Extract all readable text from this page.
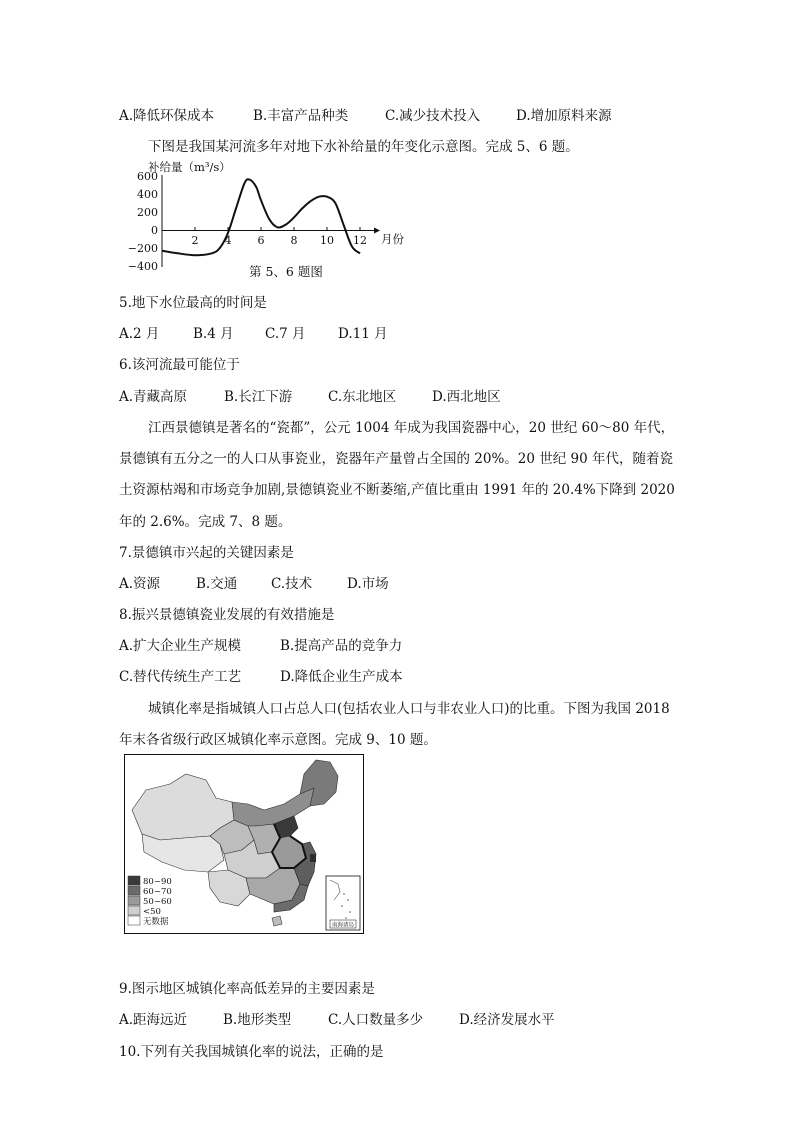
A.降低环保成本	B.丰富产品种类	C.减少技术投入	D.增加原料来源
下图是我国某河流多年对地下水补给量的年变化示意图。完成 5、6 题。
补给量（m³/s）
600
400
200
0
−200
−400
2 4 6 8 10 12 月份
第 5、6 题图
5.地下水位最高的时间是
A.2 月 B.4 月 C.7 月 D.11 月
6.该河流最可能位于
A.青藏高原	B.长江下游	C.东北地区	D.西北地区
江西景德镇是著名的“瓷都”，公元 1004 年成为我国瓷器中心，20 世纪 60～80 年代，
景德镇有五分之一的人口从事瓷业，瓷器年产量曾占全国的 20%。20 世纪 90 年代，随着瓷
土资源枯竭和市场竞争加剧,景德镇瓷业不断萎缩,产值比重由 1991 年的 20.4%下降到 2020
年的 2.6%。完成 7、8 题。
7.景德镇市兴起的关键因素是
A.资源	B.交通	C.技术	D.市场
8.振兴景德镇瓷业发展的有效措施是
A.扩大企业生产规模	B.提高产品的竞争力
C.替代传统生产工艺	D.降低企业生产成本
城镇化率是指城镇人口占总人口(包括农业人口与非农业人口)的比重。下图为我国 2018
年末各省级行政区城镇化率示意图。完成 9、10 题。
80~90
60~70
50~60
<50
无数据	南海诸岛
9.图示地区城镇化率高低差异的主要因素是
A.距海远近	B.地形类型	C.人口数量多少	D.经济发展水平
10.下列有关我国城镇化率的说法，正确的是
